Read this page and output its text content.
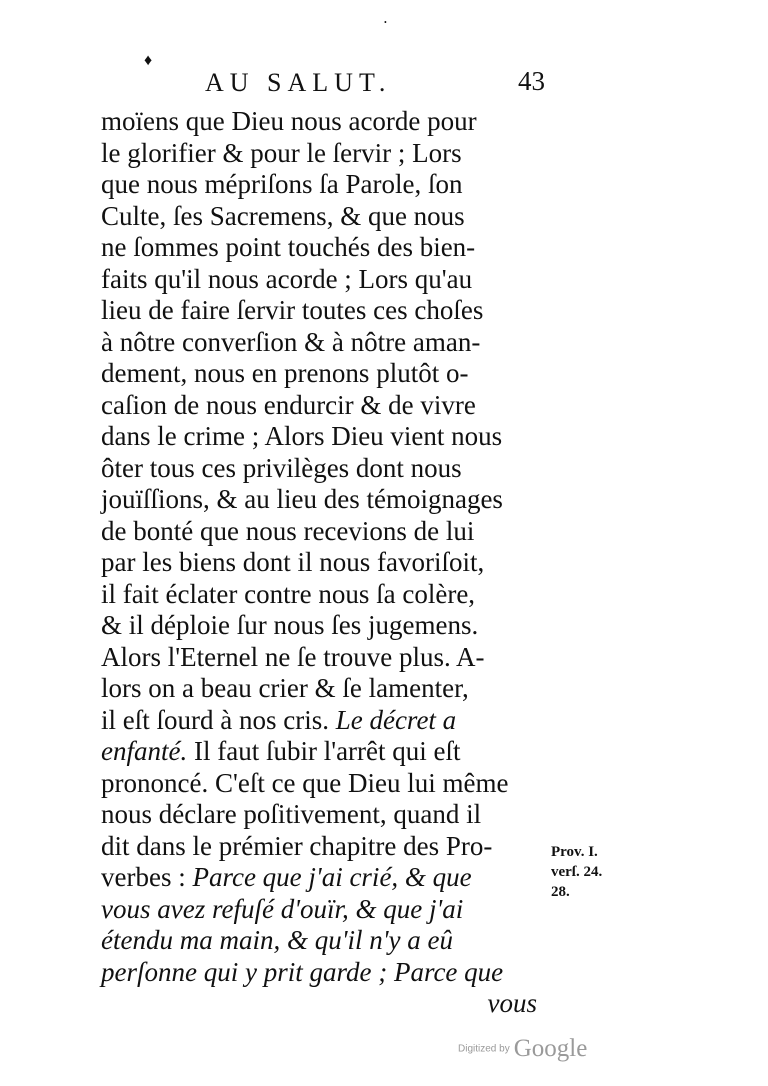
•
♦
AU SALUT.	43
moïens que Dieu nous acorde pour
le glorifier & pour le ſervir ; Lors
que nous mépriſons ſa Parole, ſon
Culte, ſes Sacremens, & que nous
ne ſommes point touchés des bien-
faits qu'il nous acorde ; Lors qu'au
lieu de faire ſervir toutes ces choſes
à nôtre converſion & à nôtre aman-
dement, nous en prenons plutôt o-
caſion de nous endurcir & de vivre
dans le crime ; Alors Dieu vient nous
ôter tous ces privilèges dont nous
jouïſſions, & au lieu des témoignages
de bonté que nous recevions de lui
par les biens dont il nous favoriſoit,
il fait éclater contre nous ſa colère,
& il déploie ſur nous ſes jugemens.
Alors l'Eternel ne ſe trouve plus. A-
lors on a beau crier & ſe lamenter,
il eſt ſourd à nos cris. Le décret a
enfanté. Il faut ſubir l'arrêt qui eſt
prononcé. C'eſt ce que Dieu lui même
nous déclare poſitivement, quand il
dit dans le prémier chapitre des Pro-
verbes : Parce que j'ai crié, & que
vous avez refuſé d'ouïr, & que j'ai
étendu ma main, & qu'il n'y a eû
perſonne qui y prit garde ; Parce que
vous
Prov. I.
verſ. 24.
28.
Digitized by Google
